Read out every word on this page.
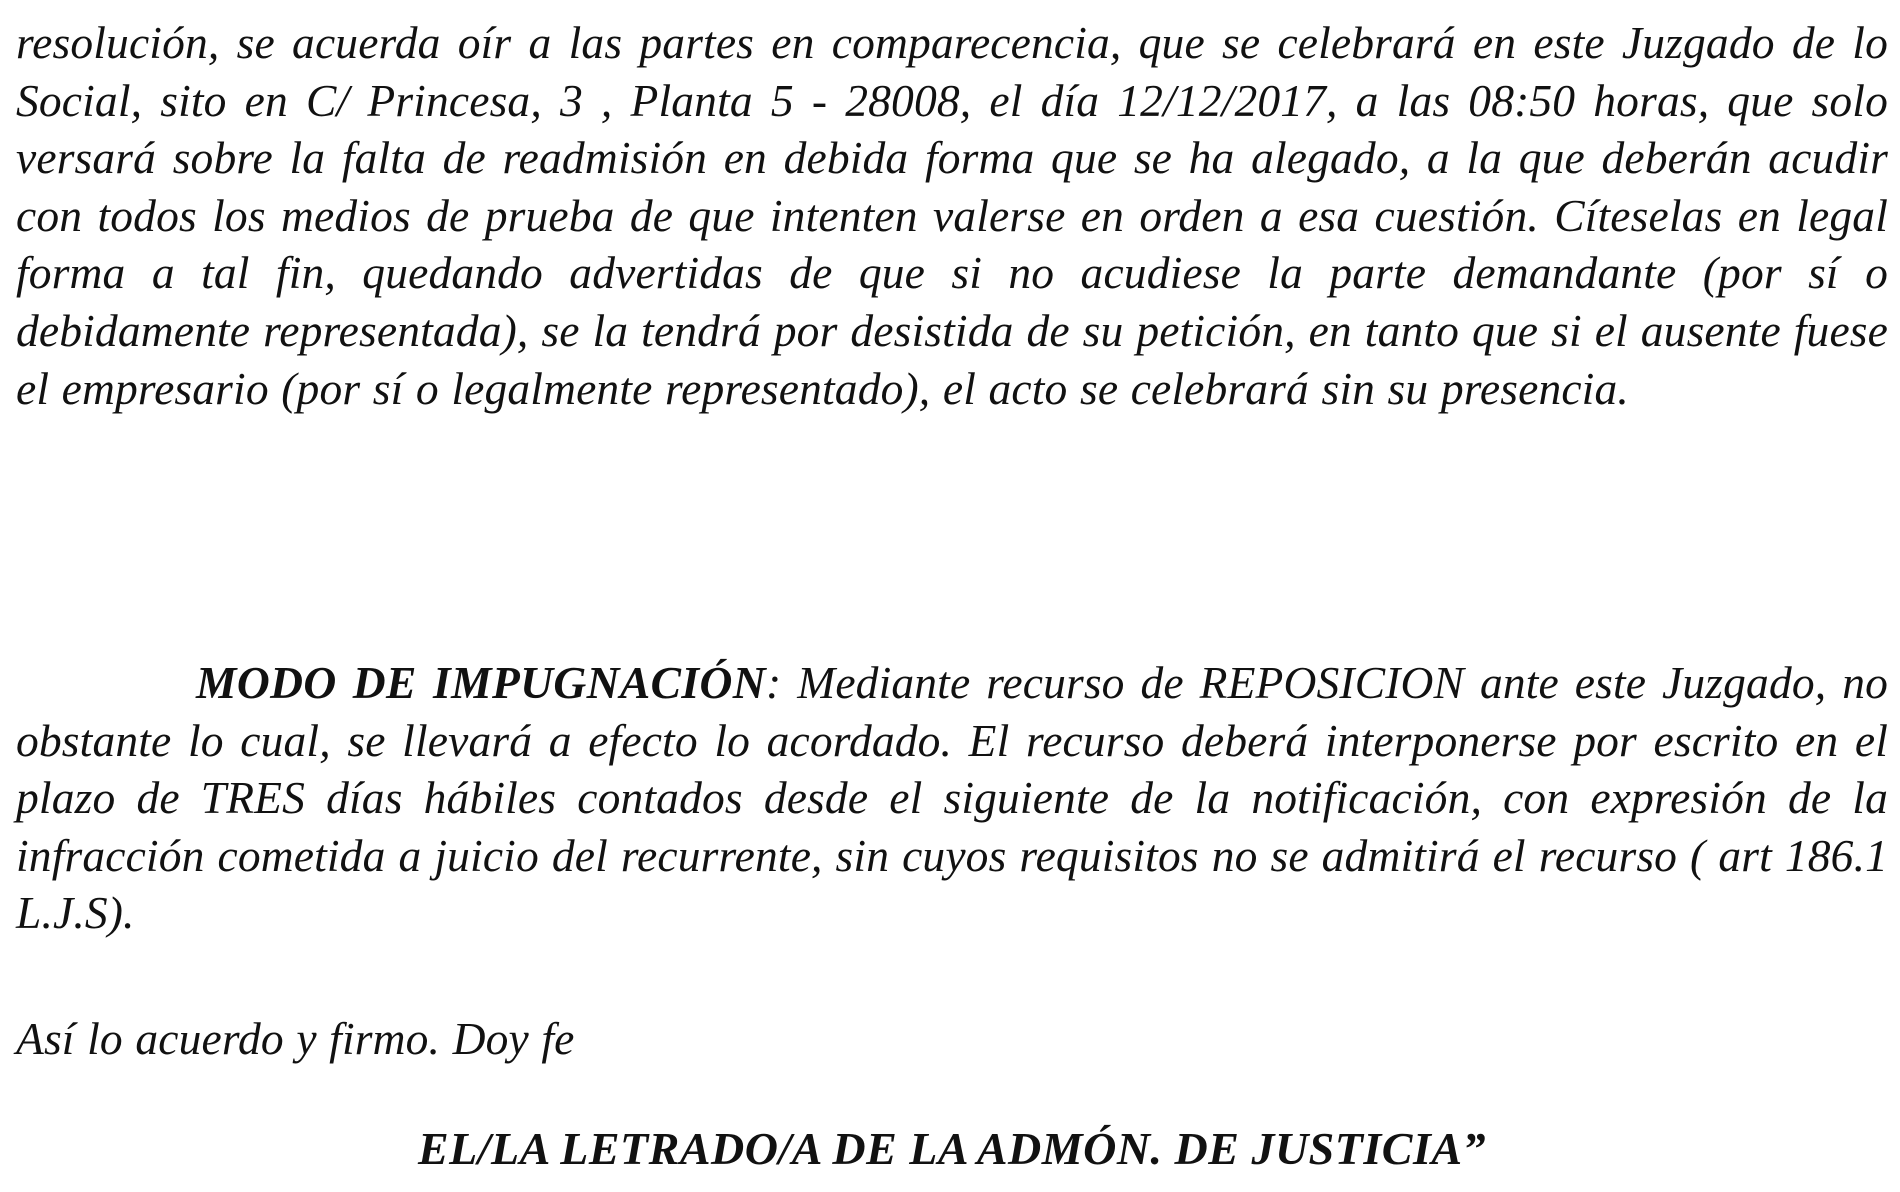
resolución, se acuerda oír a las partes en comparecencia, que se celebrará en este Juzgado de lo Social, sito en C/ Princesa, 3 , Planta 5 - 28008, el día 12/12/2017, a las 08:50 horas, que solo versará sobre la falta de readmisión en debida forma que se ha alegado, a la que deberán acudir con todos los medios de prueba de que intenten valerse en orden a esa cuestión. Cíteselas en legal forma a tal fin, quedando advertidas de que si no acudiese la parte demandante (por sí o debidamente representada), se la tendrá por desistida de su petición, en tanto que si el ausente fuese el empresario (por sí o legalmente representado), el acto se celebrará sin su presencia.

MODO DE IMPUGNACIÓN: Mediante recurso de REPOSICION ante este Juzgado, no obstante lo cual, se llevará a efecto lo acordado. El recurso deberá interponerse por escrito en el plazo de TRES días hábiles contados desde el siguiente de la notificación, con expresión de la infracción cometida a juicio del recurrente, sin cuyos requisitos no se admitirá el recurso ( art 186.1 L.J.S).

Así lo acuerdo y firmo. Doy fe

EL/LA LETRADO/A DE LA ADMÓN. DE JUSTICIA”
